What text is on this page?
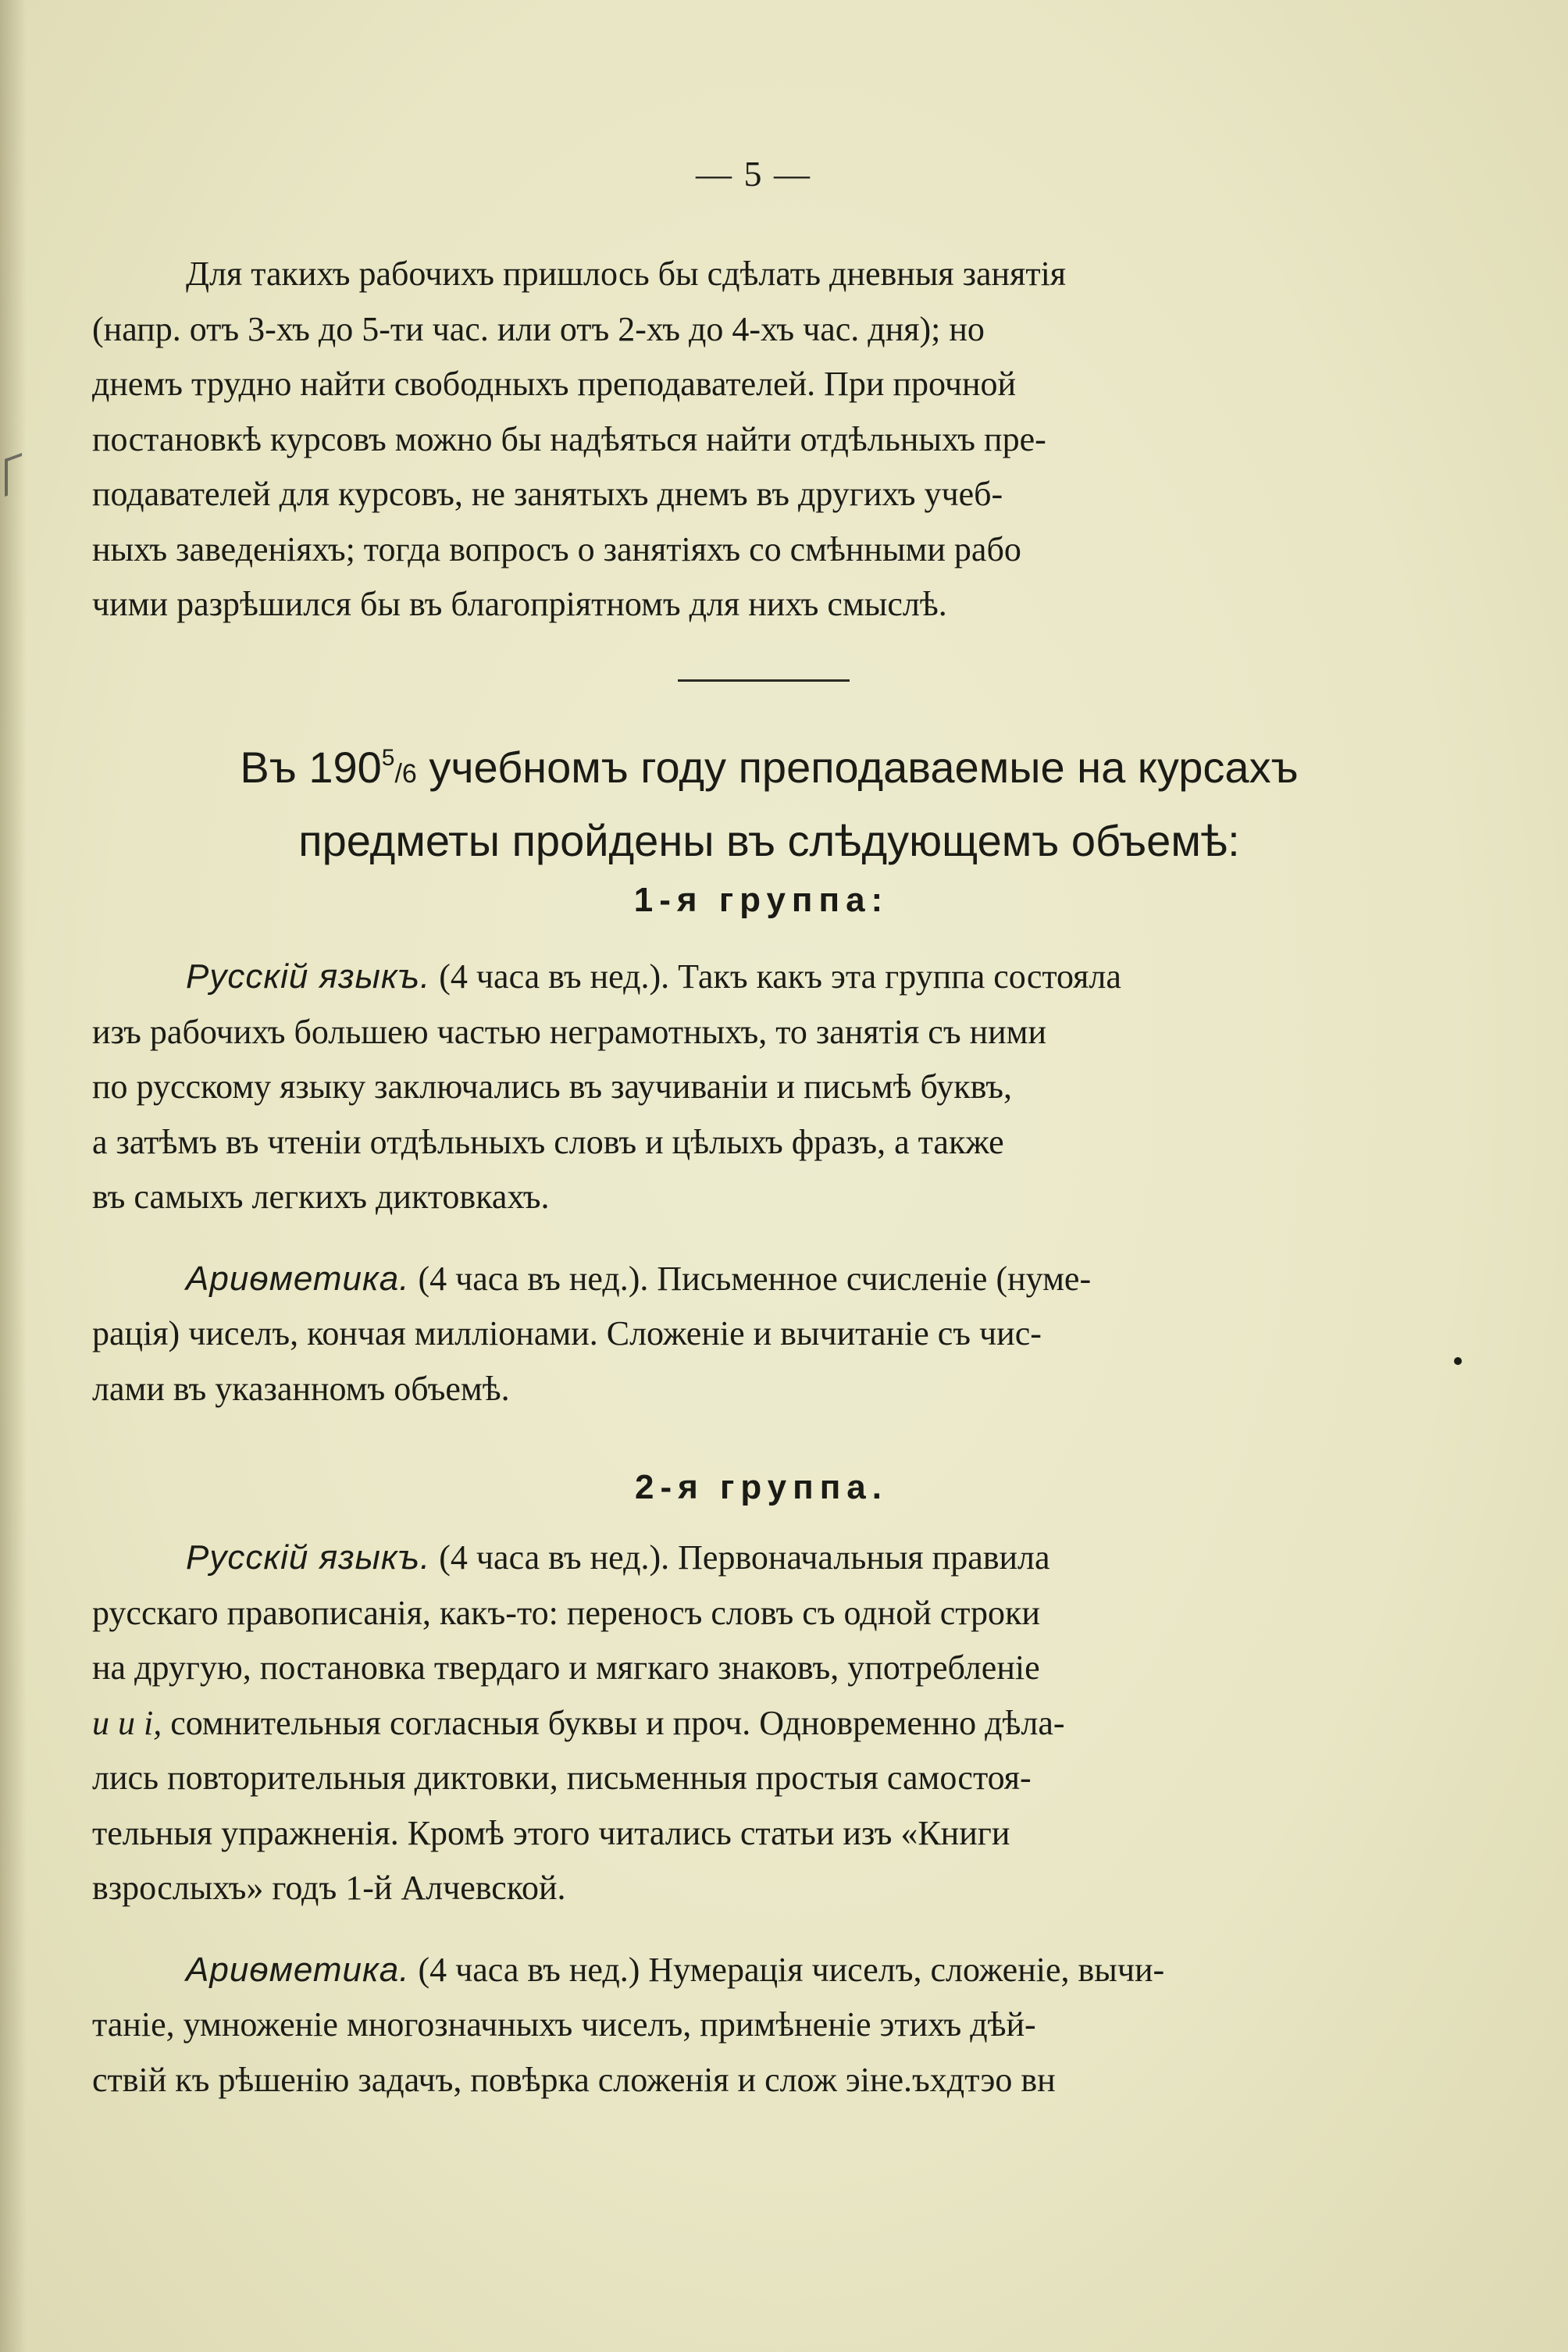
— 5 —

Для такихъ рабочихъ пришлось бы сдѣлать дневныя занятія

(напр. отъ 3-хъ до 5-ти час. или отъ 2-хъ до 4-хъ час. дня); но
днемъ трудно найти свободныхъ преподавателей. При прочной
постановкѣ курсовъ можно бы надѣяться найти отдѣльныхъ пре-
подавателей для курсовъ, не занятыхъ днемъ въ другихъ учеб-
ныхъ заведеніяхъ; тогда вопросъ о занятіяхъ со смѣнными рабо
чими разрѣшился бы въ благопріятномъ для нихъ смыслѣ.
Въ $190^5/6$ учебномъ году преподаваемые на курсахъ
предметы пройдены въ слѣдующемъ объемѣ:
1-я группа:

Русскій языкъ. (4 часа въ нед.). Такъ какъ эта группа состояла

изъ рабочихъ большею частью неграмотныхъ, то занятія съ ними
по русскому языку заключались въ заучиваніи и письмѣ буквъ,
а затѣмъ въ чтеніи отдѣльныхъ словъ и цѣлыхъ фразъ, а также
въ самыхъ легкихъ диктовкахъ.

Ариѳметика. (4 часа въ нед.). Письменное счисленіе (нуме-

рація) чиселъ, кончая милліонами. Сложеніе и вычитаніе съ чис-
лами въ указанномъ объемѣ.
2-я группа.

Русскій языкъ. (4 часа въ нед.). Первоначальныя правила

русскаго правописанія, какъ-то: переносъ словъ съ одной строки
на другую, постановка твердаго и мягкаго знаковъ, употребленіе
и и і, сомнительныя согласныя буквы и проч. Одновременно дѣла-
лись повторительныя диктовки, письменныя простыя самостоя-
тельныя упражненія. Кромѣ этого читались статьи изъ «Книги
взрослыхъ» годъ 1-й Алчевской.

Ариѳметика. (4 часа въ нед.) Нумерація чиселъ, сложеніе, вычи-

таніе, умноженіе многозначныхъ чиселъ, примѣненіе этихъ дѣй-
ствій къ рѣшенію задачъ, повѣрка сложенія и слож эіне.ъхдтэо вн
